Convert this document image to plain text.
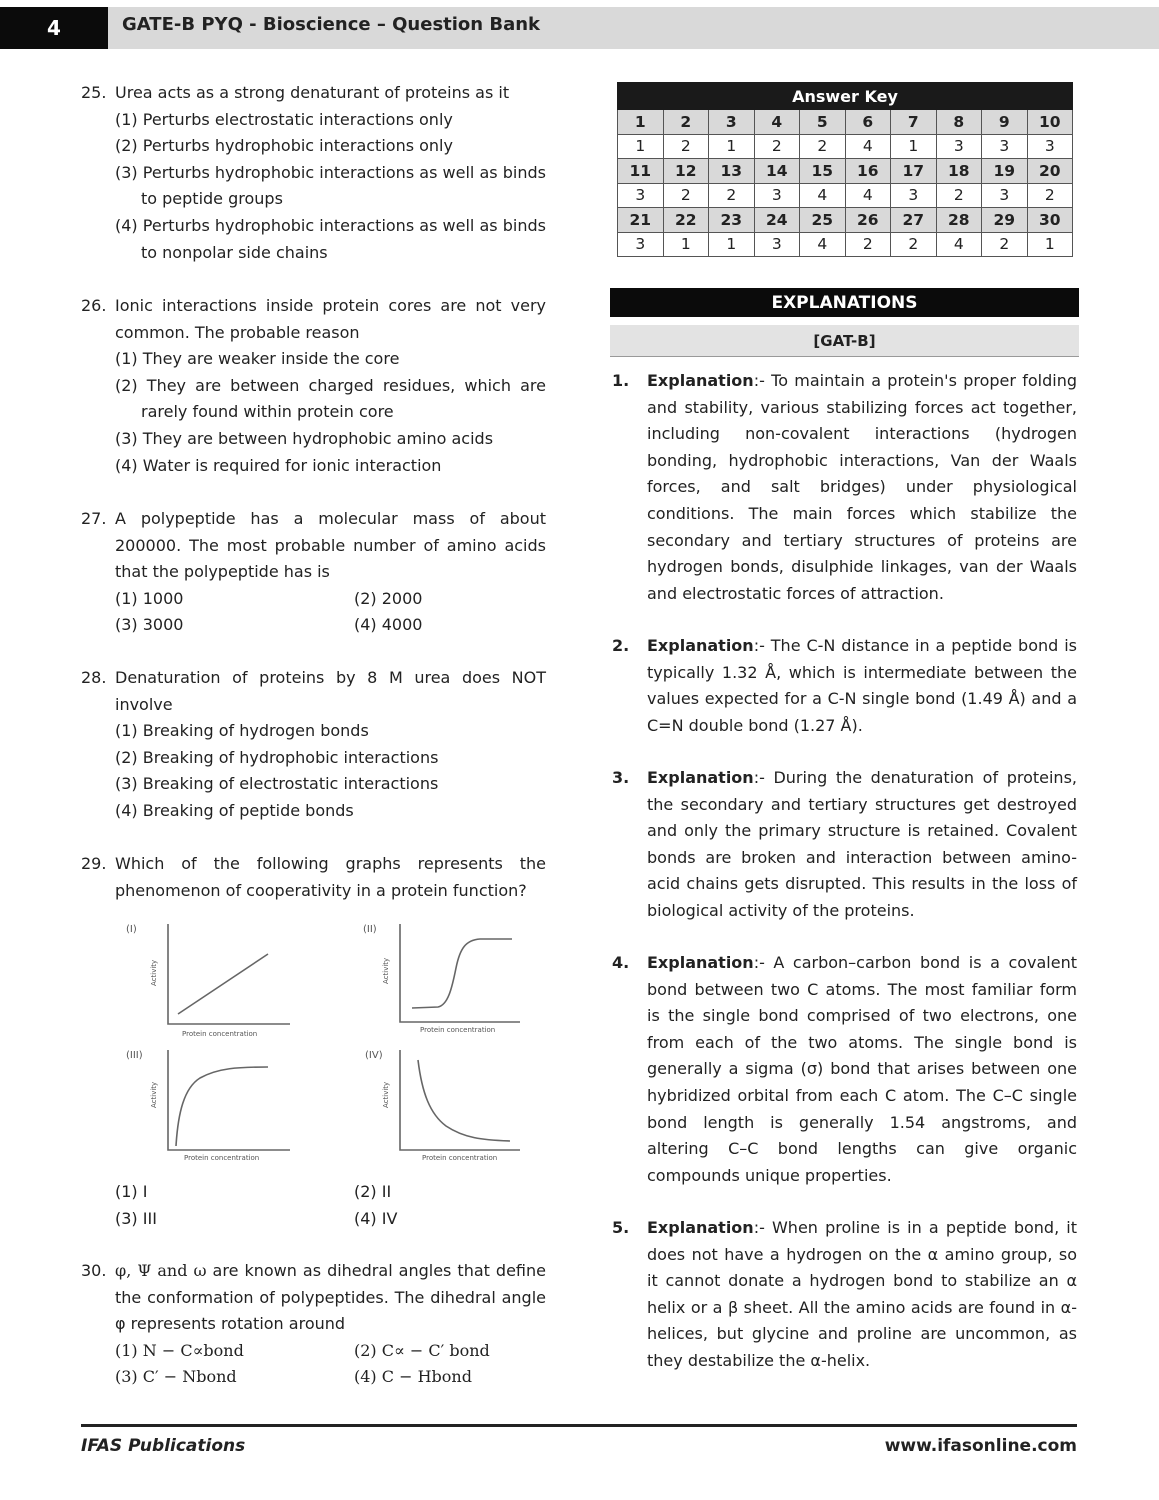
4	GATE-B PYQ - Bioscience – Question Bank
25. Urea acts as a strong denaturant of proteins as it
(1) Perturbs electrostatic interactions only
(2) Perturbs hydrophobic interactions only
(3) Perturbs hydrophobic interactions as well as binds to peptide groups
(4) Perturbs hydrophobic interactions as well as binds to nonpolar side chains
26. Ionic interactions inside protein cores are not very common. The probable reason
(1) They are weaker inside the core
(2) They are between charged residues, which are rarely found within protein core
(3) They are between hydrophobic amino acids
(4) Water is required for ionic interaction
27. A polypeptide has a molecular mass of about 200000. The most probable number of amino acids that the polypeptide has is
(1) 1000	(2) 2000
(3) 3000	(4) 4000
28. Denaturation of proteins by 8 M urea does NOT involve
(1) Breaking of hydrogen bonds
(2) Breaking of hydrophobic interactions
(3) Breaking of electrostatic interactions
(4) Breaking of peptide bonds
29. Which of the following graphs represents the phenomenon of cooperativity in a protein function?
(I)
Activity
Protein concentration
(II)
Activity
Protein concentration
(III)
Activity
Protein concentration
(IV)
Activity
Protein concentration
(1) I	(2) II
(3) III	(4) IV
30. φ, Ψ and ω are known as dihedral angles that define the conformation of polypeptides. The dihedral angle φ represents rotation around
(1) N − C∝bond	(2) C∝ − C′ bond
(3) C′ − Nbond	(4) C − Hbond
Answer Key									
1	2	3	4	5	6	7	8	9	10
1	2	1	2	2	4	1	3	3	3
11	12	13	14	15	16	17	18	19	20
3	2	2	3	4	4	3	2	3	2
21	22	23	24	25	26	27	28	29	30
3	1	1	3	4	2	2	4	2	1
EXPLANATIONS
[GAT-B]
1. Explanation:- To maintain a protein's proper folding and stability, various stabilizing forces act together, including non-covalent interactions (hydrogen bonding, hydrophobic interactions, Van der Waals forces, and salt bridges) under physiological conditions. The main forces which stabilize the secondary and tertiary structures of proteins are hydrogen bonds, disulphide linkages, van der Waals and electrostatic forces of attraction.
2. Explanation:- The C-N distance in a peptide bond is typically 1.32 Å, which is intermediate between the values expected for a C-N single bond (1.49 Å) and a C=N double bond (1.27 Å).
3. Explanation:- During the denaturation of proteins, the secondary and tertiary structures get destroyed and only the primary structure is retained. Covalent bonds are broken and interaction between amino-acid chains gets disrupted. This results in the loss of biological activity of the proteins.
4. Explanation:- A carbon–carbon bond is a covalent bond between two C atoms. The most familiar form is the single bond comprised of two electrons, one from each of the two atoms. The single bond is generally a sigma (σ) bond that arises between one hybridized orbital from each C atom. The C–C single bond length is generally 1.54 angstroms, and altering C–C bond lengths can give organic compounds unique properties.
5. Explanation:- When proline is in a peptide bond, it does not have a hydrogen on the α amino group, so it cannot donate a hydrogen bond to stabilize an α helix or a β sheet. All the amino acids are found in α-helices, but glycine and proline are uncommon, as they destabilize the α-helix.
IFAS Publications	www.ifasonline.com
